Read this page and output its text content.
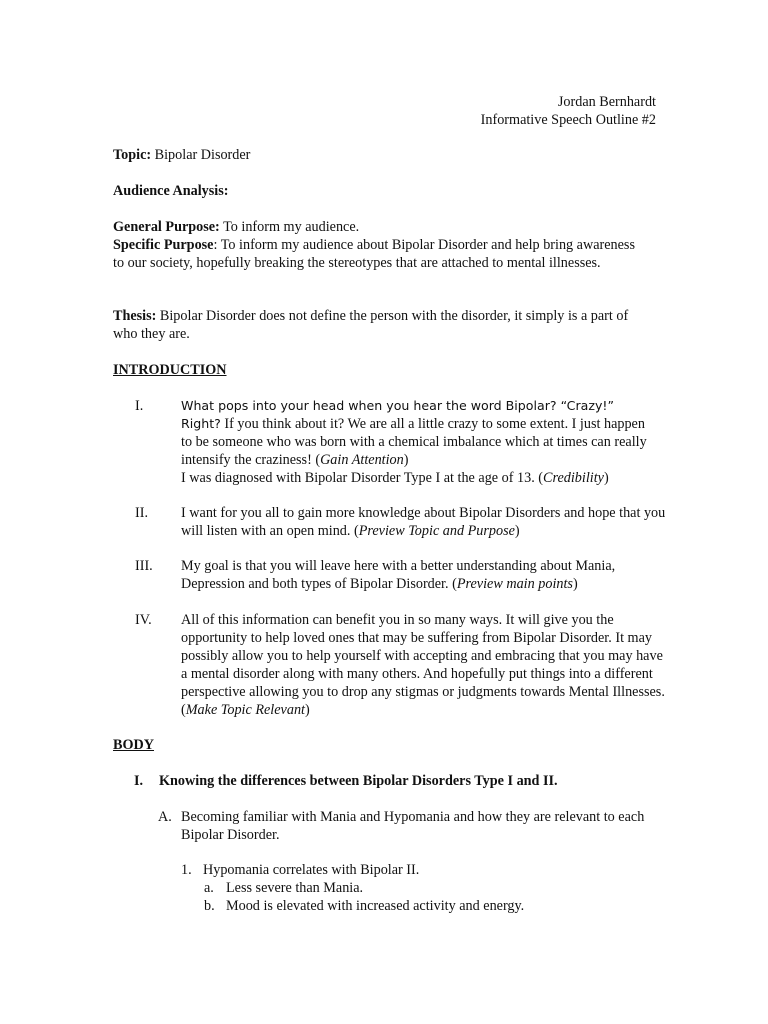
Jordan Bernhardt
Informative Speech Outline #2
Topic: Bipolar Disorder
Audience Analysis:
General Purpose: To inform my audience.
Specific Purpose: To inform my audience about Bipolar Disorder and help bring awareness to our society, hopefully breaking the stereotypes that are attached to mental illnesses.
Thesis: Bipolar Disorder does not define the person with the disorder, it simply is a part of who they are.
INTRODUCTION
I.	What pops into your head when you hear the word Bipolar? “Crazy!” Right? If you think about it? We are all a little crazy to some extent. I just happen to be someone who was born with a chemical imbalance which at times can really intensify the craziness! (Gain Attention)
I was diagnosed with Bipolar Disorder Type I at the age of 13. (Credibility)
II. I want for you all to gain more knowledge about Bipolar Disorders and hope that you will listen with an open mind. (Preview Topic and Purpose)
III. My goal is that you will leave here with a better understanding about Mania, Depression and both types of Bipolar Disorder. (Preview main points)
IV. All of this information can benefit you in so many ways. It will give you the opportunity to help loved ones that may be suffering from Bipolar Disorder. It may possibly allow you to help yourself with accepting and embracing that you may have a mental disorder along with many others. And hopefully put things into a different perspective allowing you to drop any stigmas or judgments towards Mental Illnesses. (Make Topic Relevant)
BODY
I. Knowing the differences between Bipolar Disorders Type I and II.
A. Becoming familiar with Mania and Hypomania and how they are relevant to each Bipolar Disorder.
1. Hypomania correlates with Bipolar II.
a. Less severe than Mania.
b. Mood is elevated with increased activity and energy.
